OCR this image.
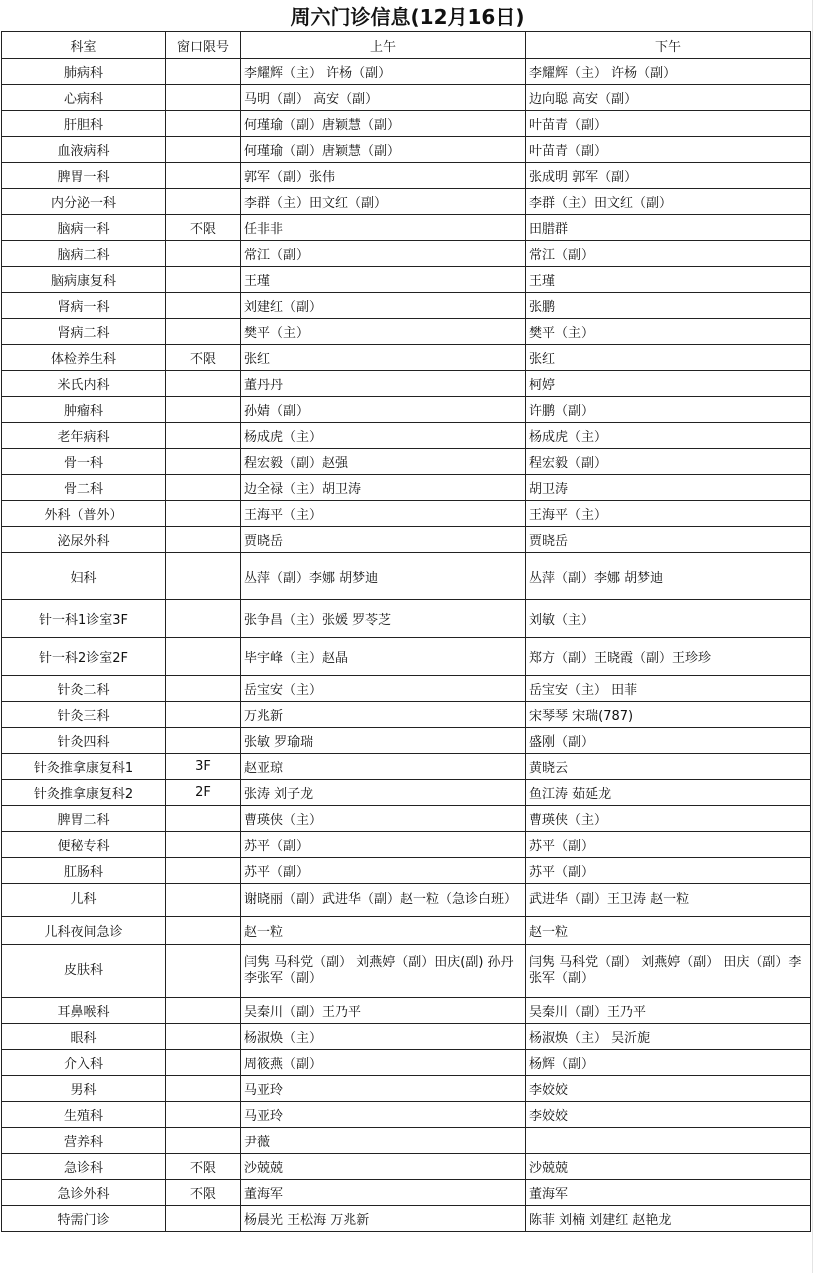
周六门诊信息(12月16日)
科室	窗口限号	上午	下午
肺病科		李耀辉（主） 许杨（副）	李耀辉（主） 许杨（副）
心病科		马明（副） 高安（副）	边向聪 高安（副）
肝胆科		何瑾瑜（副）唐颖慧（副）	叶苗青（副）
血液病科		何瑾瑜（副）唐颖慧（副）	叶苗青（副）
脾胃一科		郭军（副）张伟	张成明 郭军（副）
内分泌一科		李群（主）田文红（副）	李群（主）田文红（副）
脑病一科	不限	任非非	田腊群
脑病二科		常江（副）	常江（副）
脑病康复科		王瑾	王瑾
肾病一科		刘建红（副）	张鹏
肾病二科		樊平（主）	樊平（主）
体检养生科	不限	张红	张红
米氏内科		董丹丹	柯婷
肿瘤科		孙婧（副）	许鹏（副）
老年病科		杨成虎（主）	杨成虎（主）
骨一科		程宏毅（副）赵强	程宏毅（副）
骨二科		边全禄（主）胡卫涛	胡卫涛
外科（普外）		王海平（主）	王海平（主）
泌尿外科		贾晓岳	贾晓岳
妇科		丛萍（副）李娜 胡梦迪	丛萍（副）李娜 胡梦迪
针一科1诊室3F		张争昌（主）张媛 罗苓芝	刘敏（主）
针一科2诊室2F		毕宇峰（主）赵晶	郑方（副）王晓霞（副）王珍珍
针灸二科		岳宝安（主）	岳宝安（主） 田菲
针灸三科		万兆新	宋琴琴 宋瑞(787)
针灸四科		张敏 罗瑜瑞	盛刚（副）
针灸推拿康复科1	3F	赵亚琼	黄晓云
针灸推拿康复科2	2F	张涛 刘子龙	鱼江涛 茹延龙
脾胃二科		曹瑛侠（主）	曹瑛侠（主）
便秘专科		苏平（副）	苏平（副）
肛肠科		苏平（副）	苏平（副）
儿科		谢晓丽（副）武进华（副）赵一粒（急诊白班）	武进华（副）王卫涛 赵一粒
儿科夜间急诊		赵一粒	赵一粒
皮肤科		闫隽 马科党（副） 刘燕婷（副）田庆(副) 孙丹 李张军（副）	闫隽 马科党（副） 刘燕婷（副） 田庆（副）李张军（副）
耳鼻喉科		吴秦川（副）王乃平	吴秦川（副）王乃平
眼科		杨淑焕（主）	杨淑焕（主） 吴沂旎
介入科		周筱燕（副）	杨辉（副）
男科		马亚玲	李姣姣
生殖科		马亚玲	李姣姣
营养科		尹薇	
急诊科	不限	沙兢兢	沙兢兢
急诊外科	不限	董海军	董海军
特需门诊		杨晨光 王松海 万兆新	陈菲 刘楠 刘建红 赵艳龙
